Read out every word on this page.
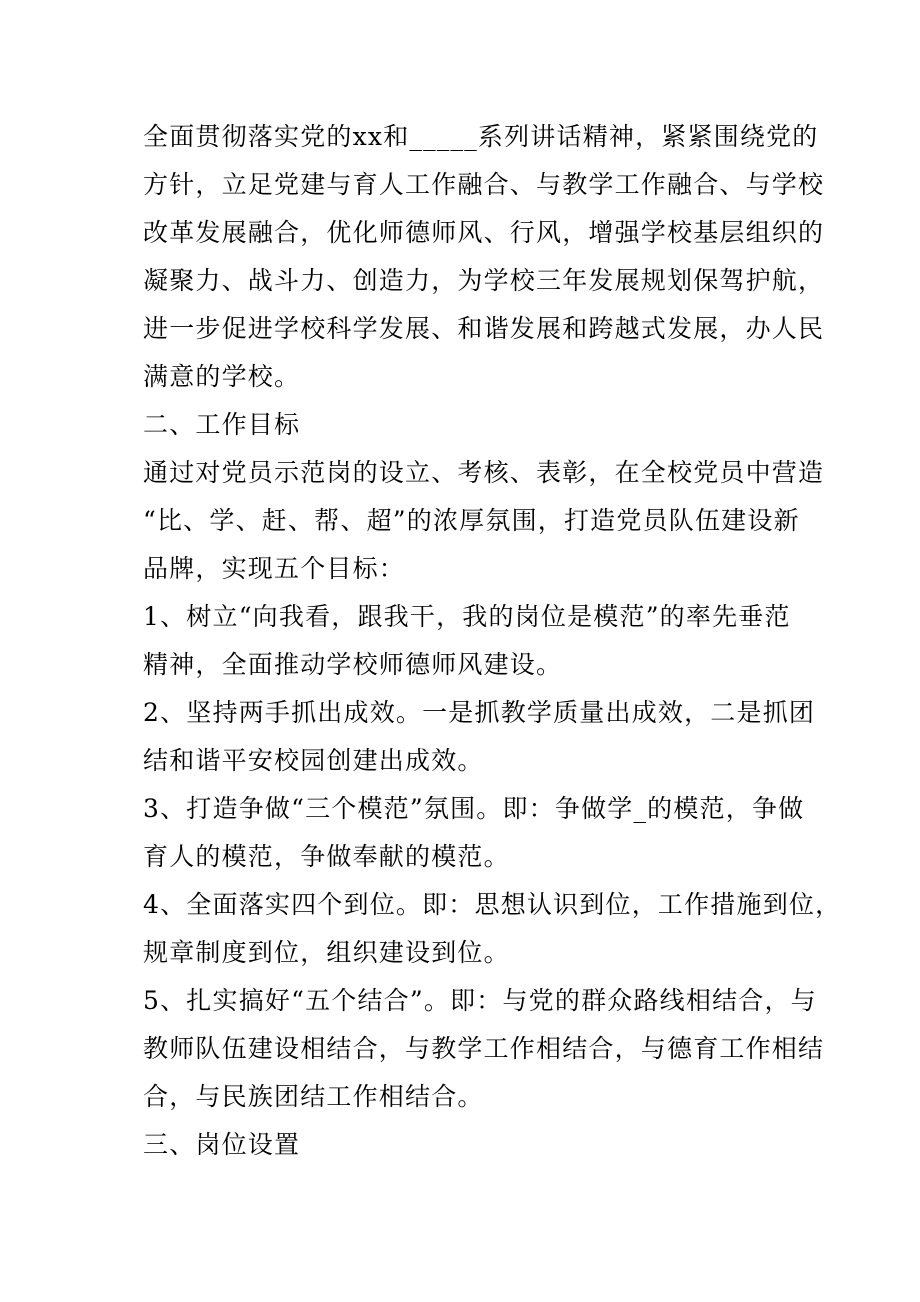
全面贯彻落实党的xx和_____系列讲话精神，紧紧围绕党的
方针，立足党建与育人工作融合、与教学工作融合、与学校
改革发展融合，优化师德师风、行风，增强学校基层组织的
凝聚力、战斗力、创造力，为学校三年发展规划保驾护航，
进一步促进学校科学发展、和谐发展和跨越式发展，办人民
满意的学校。
二、工作目标
通过对党员示范岗的设立、考核、表彰，在全校党员中营造
“比、学、赶、帮、超”的浓厚氛围，打造党员队伍建设新
品牌，实现五个目标：
1、树立“向我看，跟我干，我的岗位是模范”的率先垂范
精神，全面推动学校师德师风建设。
2、坚持两手抓出成效。一是抓教学质量出成效，二是抓团
结和谐平安校园创建出成效。
3、打造争做“三个模范”氛围。即：争做学_的模范，争做
育人的模范，争做奉献的模范。
4、全面落实四个到位。即：思想认识到位，工作措施到位，
规章制度到位，组织建设到位。
5、扎实搞好“五个结合”。即：与党的群众路线相结合，与
教师队伍建设相结合，与教学工作相结合，与德育工作相结
合，与民族团结工作相结合。
三、岗位设置
